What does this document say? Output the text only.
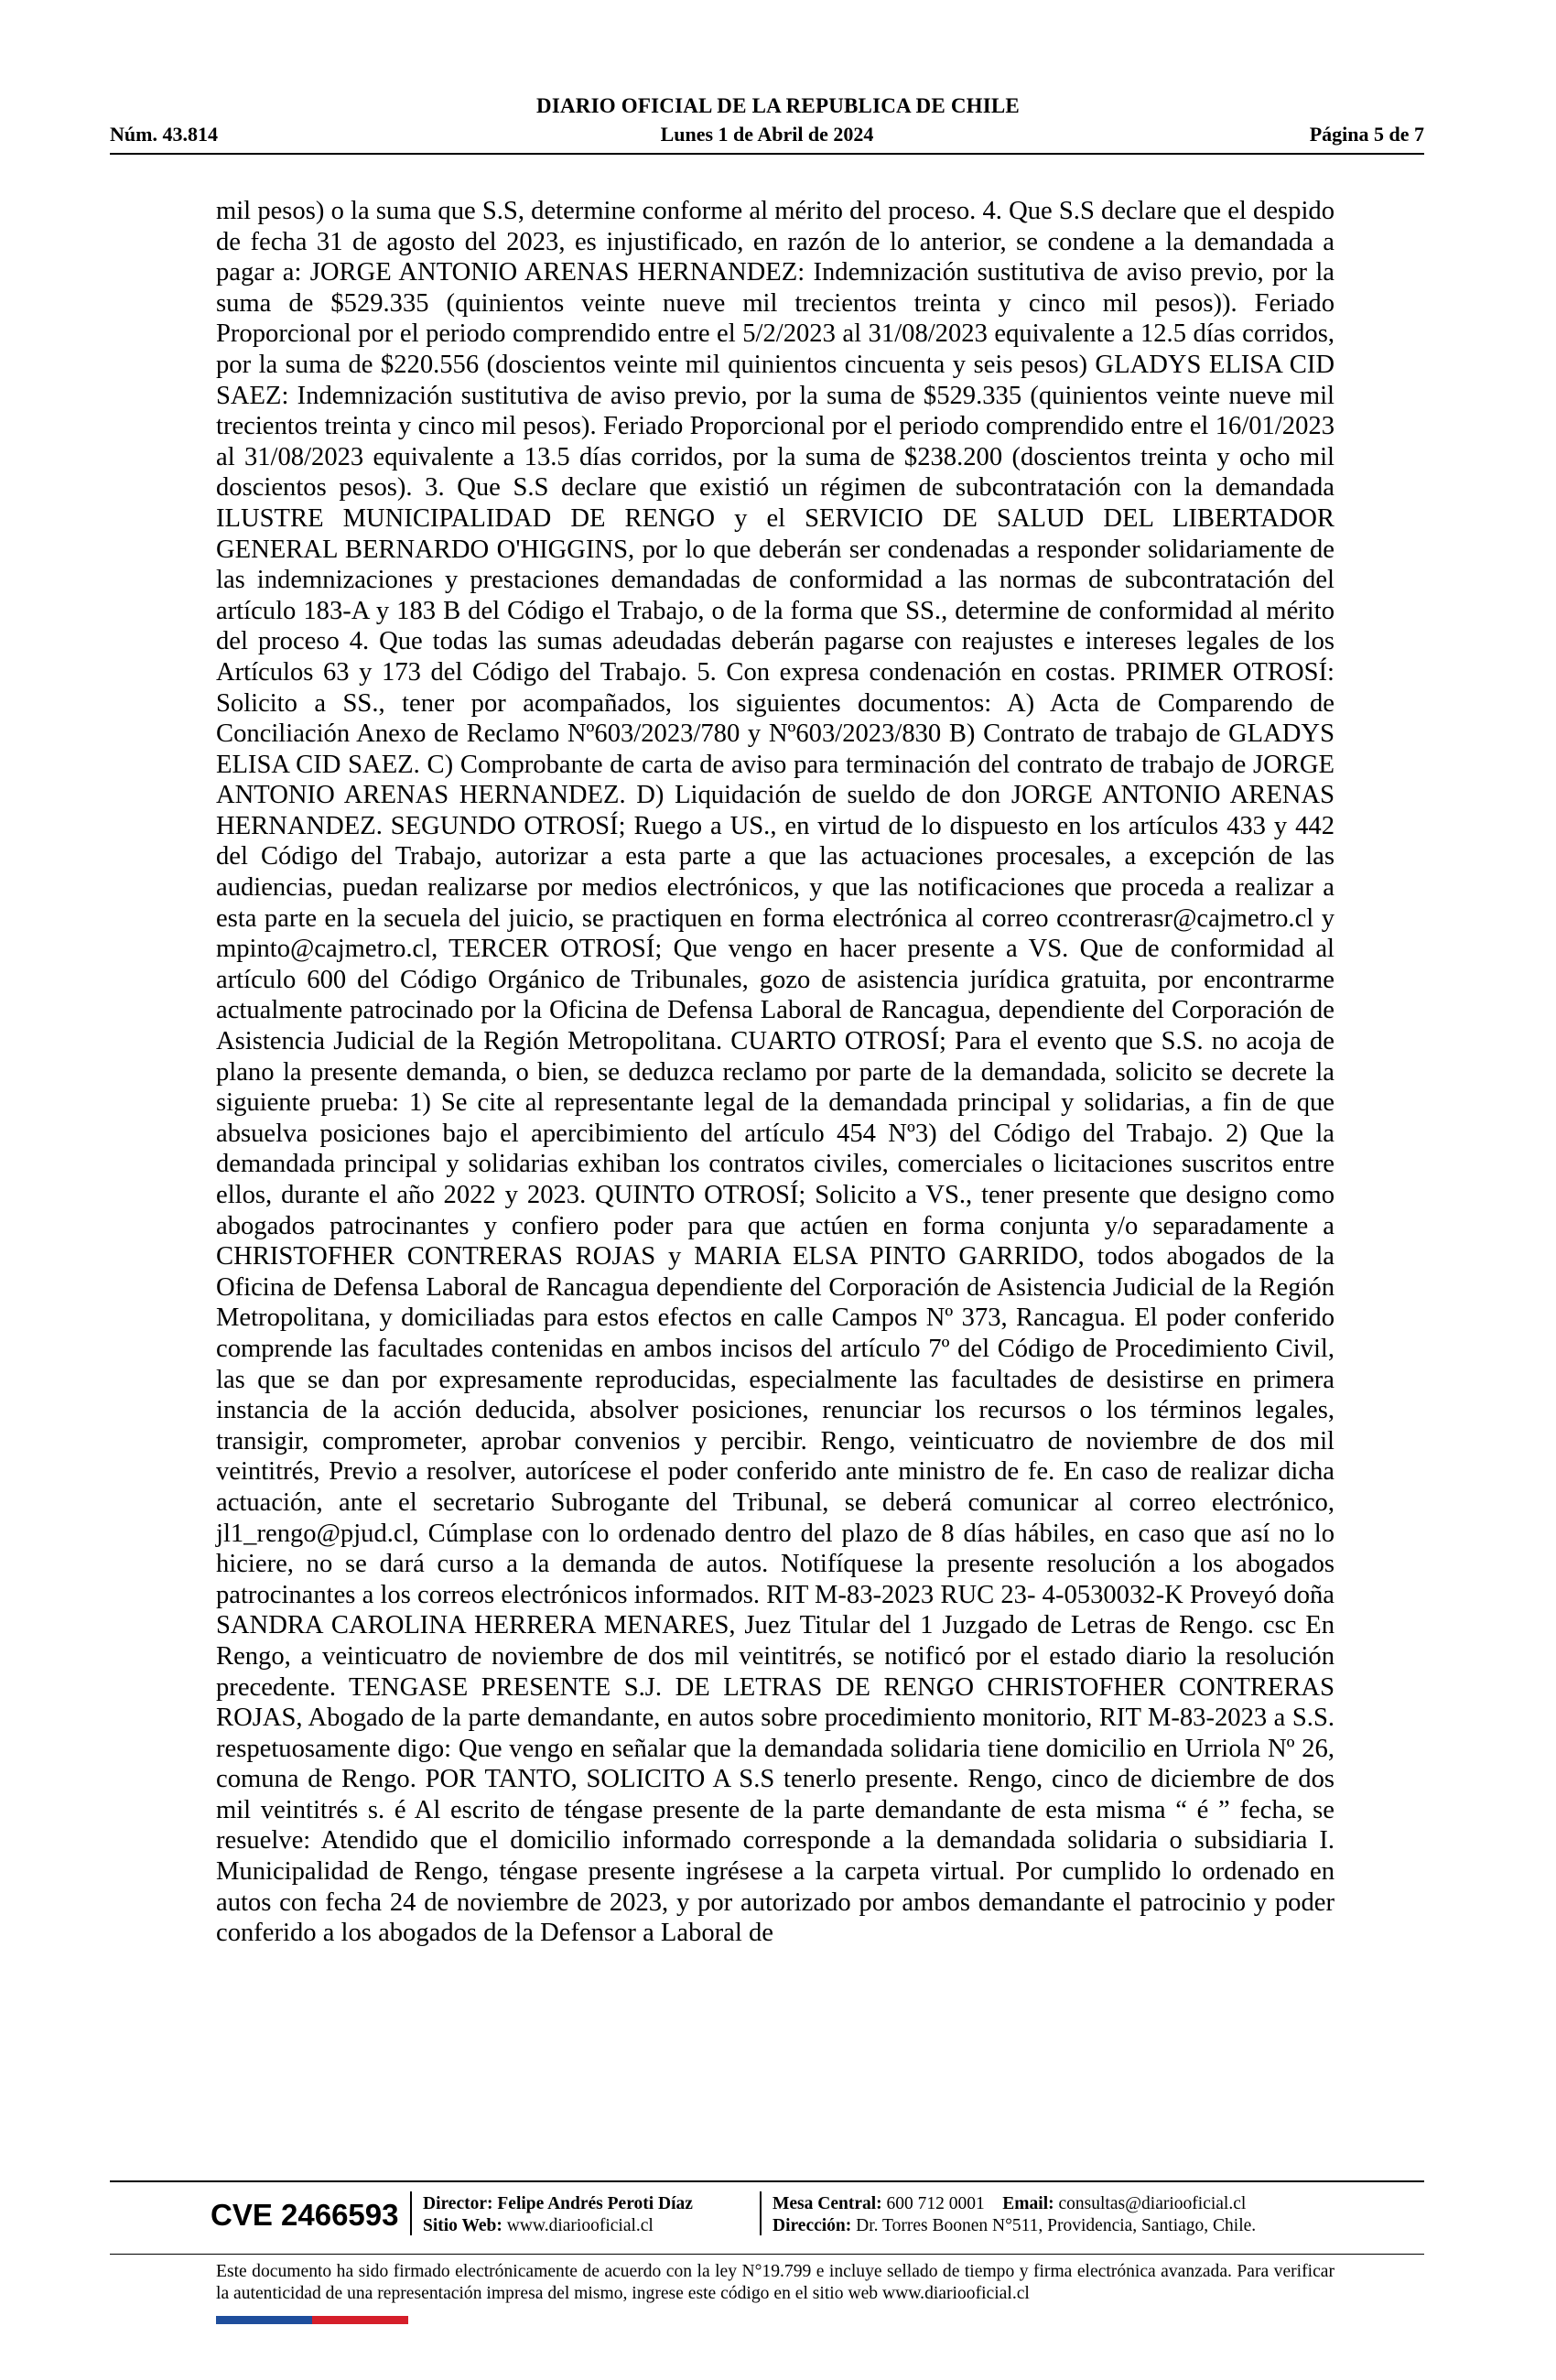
DIARIO OFICIAL DE LA REPUBLICA DE CHILE
Núm. 43.814	Lunes 1 de Abril de 2024	Página 5 de 7
mil pesos) o la suma que S.S, determine conforme al mérito del proceso. 4. Que S.S declare que el despido de fecha 31 de agosto del 2023, es injustificado, en razón de lo anterior, se condene a la demandada a pagar a: JORGE ANTONIO ARENAS HERNANDEZ: Indemnización sustitutiva de aviso previo, por la suma de $529.335 (quinientos veinte nueve mil trecientos treinta y cinco mil pesos)). Feriado Proporcional por el periodo comprendido entre el 5/2/2023 al 31/08/2023 equivalente a 12.5 días corridos, por la suma de $220.556 (doscientos veinte mil quinientos cincuenta y seis pesos) GLADYS ELISA CID SAEZ: Indemnización sustitutiva de aviso previo, por la suma de $529.335 (quinientos veinte nueve mil trecientos treinta y cinco mil pesos). Feriado Proporcional por el periodo comprendido entre el 16/01/2023 al 31/08/2023 equivalente a 13.5 días corridos, por la suma de $238.200 (doscientos treinta y ocho mil doscientos pesos). 3. Que S.S declare que existió un régimen de subcontratación con la demandada ILUSTRE MUNICIPALIDAD DE RENGO y el SERVICIO DE SALUD DEL LIBERTADOR GENERAL BERNARDO O'HIGGINS, por lo que deberán ser condenadas a responder solidariamente de las indemnizaciones y prestaciones demandadas de conformidad a las normas de subcontratación del artículo 183-A y 183 B del Código el Trabajo, o de la forma que SS., determine de conformidad al mérito del proceso 4. Que todas las sumas adeudadas deberán pagarse con reajustes e intereses legales de los Artículos 63 y 173 del Código del Trabajo. 5. Con expresa condenación en costas. PRIMER OTROSÍ: Solicito a SS., tener por acompañados, los siguientes documentos: A) Acta de Comparendo de Conciliación Anexo de Reclamo Nº603/2023/780 y Nº603/2023/830 B) Contrato de trabajo de GLADYS ELISA CID SAEZ. C) Comprobante de carta de aviso para terminación del contrato de trabajo de JORGE ANTONIO ARENAS HERNANDEZ. D) Liquidación de sueldo de don JORGE ANTONIO ARENAS HERNANDEZ. SEGUNDO OTROSÍ; Ruego a US., en virtud de lo dispuesto en los artículos 433 y 442 del Código del Trabajo, autorizar a esta parte a que las actuaciones procesales, a excepción de las audiencias, puedan realizarse por medios electrónicos, y que las notificaciones que proceda a realizar a esta parte en la secuela del juicio, se practiquen en forma electrónica al correo ccontrerasr@cajmetro.cl y mpinto@cajmetro.cl, TERCER OTROSÍ; Que vengo en hacer presente a VS. Que de conformidad al artículo 600 del Código Orgánico de Tribunales, gozo de asistencia jurídica gratuita, por encontrarme actualmente patrocinado por la Oficina de Defensa Laboral de Rancagua, dependiente del Corporación de Asistencia Judicial de la Región Metropolitana. CUARTO OTROSÍ; Para el evento que S.S. no acoja de plano la presente demanda, o bien, se deduzca reclamo por parte de la demandada, solicito se decrete la siguiente prueba: 1) Se cite al representante legal de la demandada principal y solidarias, a fin de que absuelva posiciones bajo el apercibimiento del artículo 454 Nº3) del Código del Trabajo. 2) Que la demandada principal y solidarias exhiban los contratos civiles, comerciales o licitaciones suscritos entre ellos, durante el año 2022 y 2023. QUINTO OTROSÍ; Solicito a VS., tener presente que designo como abogados patrocinantes y confiero poder para que actúen en forma conjunta y/o separadamente a CHRISTOFHER CONTRERAS ROJAS y MARIA ELSA PINTO GARRIDO, todos abogados de la Oficina de Defensa Laboral de Rancagua dependiente del Corporación de Asistencia Judicial de la Región Metropolitana, y domiciliadas para estos efectos en calle Campos Nº 373, Rancagua. El poder conferido comprende las facultades contenidas en ambos incisos del artículo 7º del Código de Procedimiento Civil, las que se dan por expresamente reproducidas, especialmente las facultades de desistirse en primera instancia de la acción deducida, absolver posiciones, renunciar los recursos o los términos legales, transigir, comprometer, aprobar convenios y percibir. Rengo, veinticuatro de noviembre de dos mil veintitrés, Previo a resolver, autorícese el poder conferido ante ministro de fe. En caso de realizar dicha actuación, ante el secretario Subrogante del Tribunal, se deberá comunicar al correo electrónico, jl1_rengo@pjud.cl, Cúmplase con lo ordenado dentro del plazo de 8 días hábiles, en caso que así no lo hiciere, no se dará curso a la demanda de autos. Notifíquese la presente resolución a los abogados patrocinantes a los correos electrónicos informados. RIT M-83-2023 RUC 23- 4-0530032-K Proveyó doña SANDRA CAROLINA HERRERA MENARES, Juez Titular del 1 Juzgado de Letras de Rengo. csc En Rengo, a veinticuatro de noviembre de dos mil veintitrés, se notificó por el estado diario la resolución precedente. TENGASE PRESENTE S.J. DE LETRAS DE RENGO CHRISTOFHER CONTRERAS ROJAS, Abogado de la parte demandante, en autos sobre procedimiento monitorio, RIT M-83-2023 a S.S. respetuosamente digo: Que vengo en señalar que la demandada solidaria tiene domicilio en Urriola Nº 26, comuna de Rengo. POR TANTO, SOLICITO A S.S tenerlo presente. Rengo, cinco de diciembre de dos mil veintitrés s. é Al escrito de téngase presente de la parte demandante de esta misma “ é ” fecha, se resuelve: Atendido que el domicilio informado corresponde a la demandada solidaria o subsidiaria I. Municipalidad de Rengo, téngase presente ingrésese a la carpeta virtual. Por cumplido lo ordenado en autos con fecha 24 de noviembre de 2023, y por autorizado por ambos demandante el patrocinio y poder conferido a los abogados de la Defensor a Laboral de
CVE 2466593	Director: Felipe Andrés Peroti Díaz
Sitio Web: www.diariooficial.cl
Mesa Central: 600 712 0001 Email: consultas@diariooficial.cl
Dirección: Dr. Torres Boonen N°511, Providencia, Santiago, Chile.
Este documento ha sido firmado electrónicamente de acuerdo con la ley N°19.799 e incluye sellado de tiempo y firma electrónica avanzada. Para verificar la autenticidad de una representación impresa del mismo, ingrese este código en el sitio web www.diariooficial.cl
